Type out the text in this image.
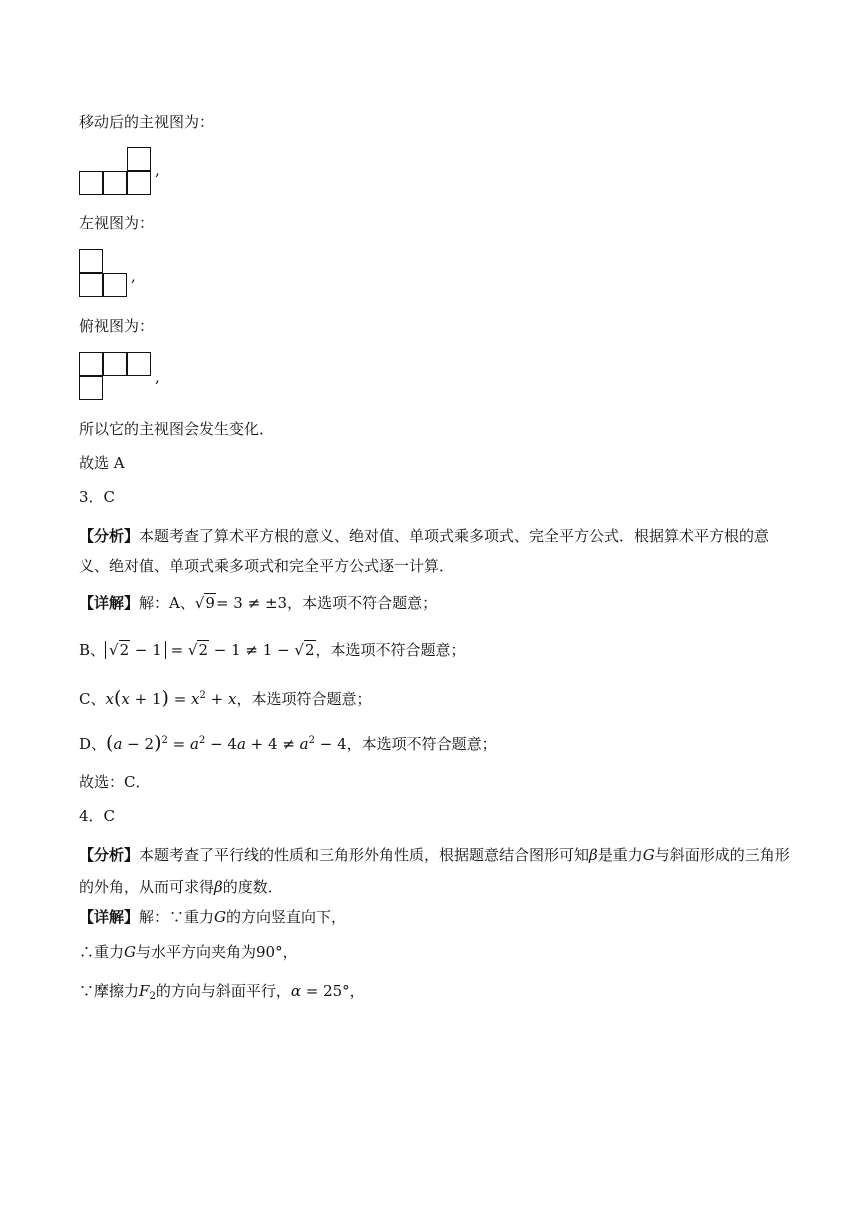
移动后的主视图为：
,
左视图为：
,
俯视图为：
,
所以它的主视图会发生变化．
故选 A
3．C
【分析】本题考查了算术平方根的意义、绝对值、单项式乘多项式、完全平方公式．根据算术平方根的意义、绝对值、单项式乘多项式和完全平方公式逐一计算．
【详解】解：A、√9= 3 ≠ ±3，本选项不符合题意；
B、 √2 − 1 = √2 − 1 ≠ 1 − √2，本选项不符合题意；
C、$x(x + 1) = x^2 + x$，本选项符合题意；
D、$(a - 2)^2 = a^2 - 4a + 4 \ne a^2 - 4$，本选项不符合题意；
故选：C．
4．C
【分析】本题考查了平行线的性质和三角形外角性质，根据题意结合图形可知β是重力G与斜面形成的三角形的外角，从而可求得β的度数．
【详解】解：∵重力G的方向竖直向下，
∴重力G与水平方向夹角为90°，
∵摩擦力$F_2$的方向与斜面平行，α = 25°，
